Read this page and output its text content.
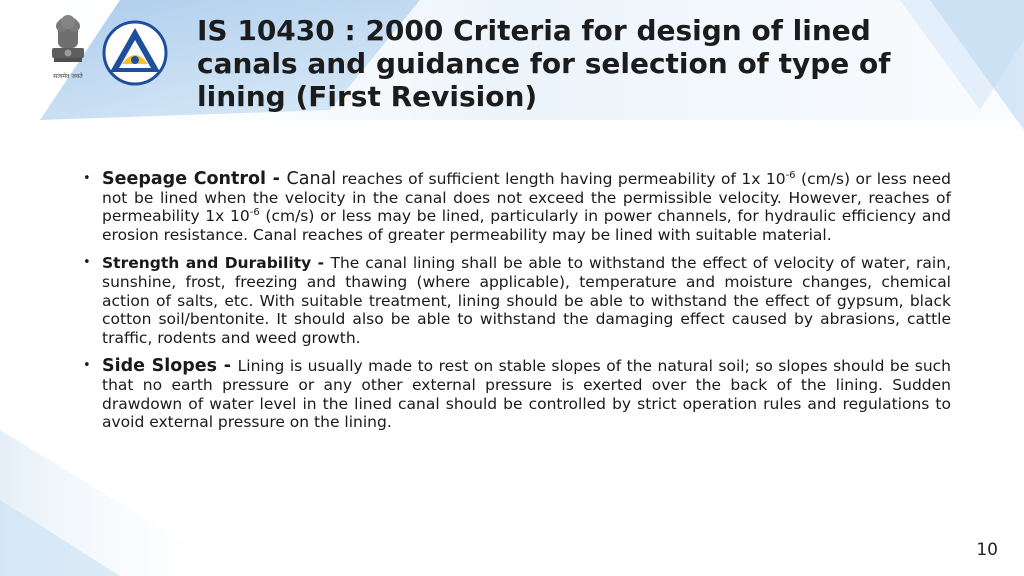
सत्यमेव जयते
IS 10430 : 2000 Criteria for design of lined canals and guidance for selection of type of lining (First Revision)
• Seepage Control - Canal reaches of sufficient length having permeability of 1x $10^{-6}$ (cm/s) or less need not be lined when the velocity in the canal does not exceed the permissible velocity. However, reaches of permeability 1x $10^{-6}$ (cm/s) or less may be lined, particularly in power channels, for hydraulic efficiency and erosion resistance. Canal reaches of greater permeability may be lined with suitable material.
• Strength and Durability - The canal lining shall be able to withstand the effect of velocity of water, rain, sunshine, frost, freezing and thawing (where applicable), temperature and moisture changes, chemical action of salts, etc. With suitable treatment, lining should be able to withstand the effect of gypsum, black cotton soil/bentonite. It should also be able to withstand the damaging effect caused by abrasions, cattle traffic, rodents and weed growth.
• Side Slopes - Lining is usually made to rest on stable slopes of the natural soil; so slopes should be such that no earth pressure or any other external pressure is exerted over the back of the lining. Sudden drawdown of water level in the lined canal should be controlled by strict operation rules and regulations to avoid external pressure on the lining.
10
